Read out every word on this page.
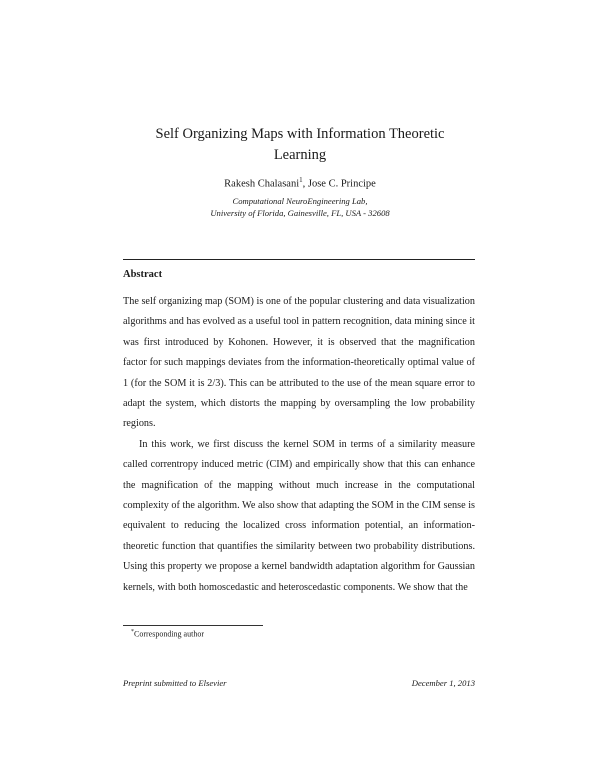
Self Organizing Maps with Information Theoretic
Learning
Rakesh Chalasani$^1$, Jose C. Principe
Computational NeuroEngineering Lab,
University of Florida, Gainesville, FL, USA - 32608
Abstract

The self organizing map (SOM) is one of the popular clustering and data visualization algorithms and has evolved as a useful tool in pattern recognition, data mining since it was first introduced by Kohonen. However, it is observed that the magnification factor for such mappings deviates from the information-theoretically optimal value of 1 (for the SOM it is 2/3). This can be attributed to the use of the mean square error to adapt the system, which distorts the mapping by oversampling the low probability regions.

In this work, we first discuss the kernel SOM in terms of a similarity measure called correntropy induced metric (CIM) and empirically show that this can enhance the magnification of the mapping without much increase in the computational complexity of the algorithm. We also show that adapting the SOM in the CIM sense is equivalent to reducing the localized cross information potential, an information-theoretic function that quantifies the similarity between two probability distributions. Using this property we propose a kernel bandwidth adaptation algorithm for Gaussian kernels, with both homoscedastic and heteroscedastic components. We show that the

*Corresponding author
Preprint submitted to Elsevier	December 1, 2013
